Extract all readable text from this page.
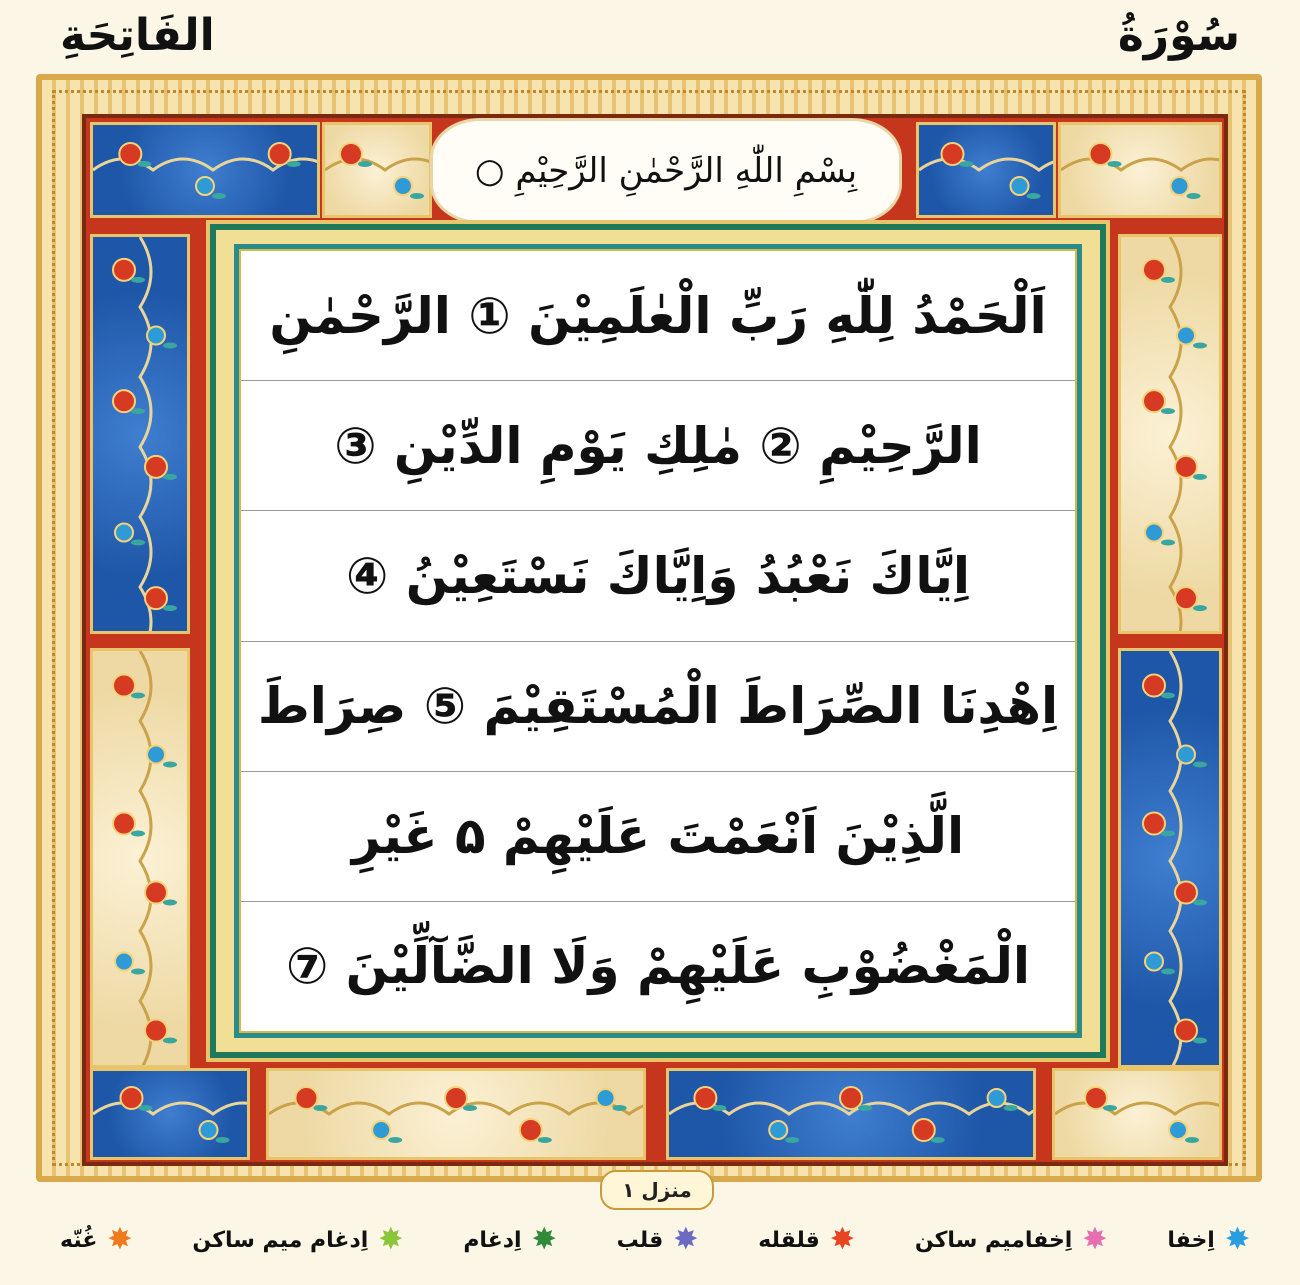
سُوْرَةُ
الفَاتِحَةِ
بِسْمِ اللّٰهِ الرَّحْمٰنِ الرَّحِيْمِ ○
اَلْحَمْدُ لِلّٰهِ رَبِّ الْعٰلَمِيْنَ ① الرَّحْمٰنِ
الرَّحِيْمِ ② مٰلِكِ يَوْمِ الدِّيْنِ ③
اِيَّاكَ نَعْبُدُ وَاِيَّاكَ نَسْتَعِيْنُ ④
اِهْدِنَا الصِّرَاطَ الْمُسْتَقِيْمَ ⑤ صِرَاطَ
الَّذِيْنَ اَنْعَمْتَ عَلَيْهِمْ ۵ غَيْرِ
الْمَغْضُوْبِ عَلَيْهِمْ وَلَا الضَّآلِّيْنَ ⑦
منزل ۱
✸
اِخفا
✸
اِخفامیم ساکن
✸
قلقله
✸
قلب
✸
اِدغام
✸
اِدغام میم ساکن
✸
غُنّه
